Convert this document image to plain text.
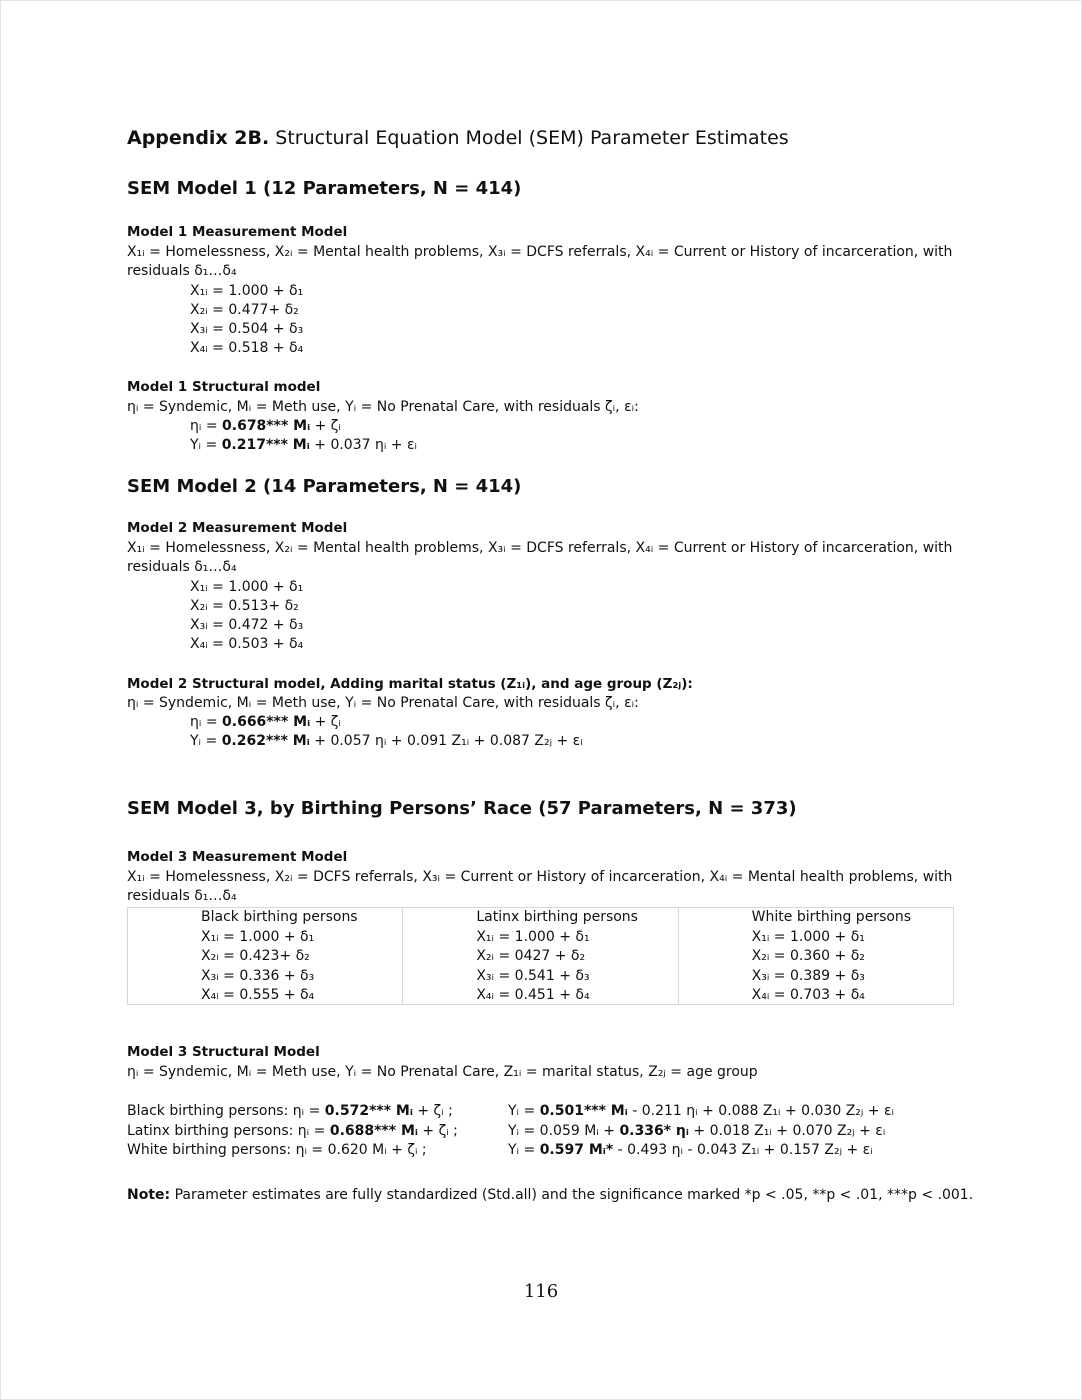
Appendix 2B. Structural Equation Model (SEM) Parameter Estimates
SEM Model 1 (12 Parameters, N = 414)
Model 1 Measurement Model
X₁ᵢ = Homelessness, X₂ᵢ = Mental health problems, X₃ᵢ = DCFS referrals, X₄ᵢ = Current or History of incarceration, with
residuals δ₁…δ₄
X₁ᵢ = 1.000 + δ₁
X₂ᵢ = 0.477+ δ₂
X₃ᵢ = 0.504 + δ₃
X₄ᵢ = 0.518 + δ₄
Model 1 Structural model
ηᵢ = Syndemic, Mᵢ = Meth use, Yᵢ = No Prenatal Care, with residuals ζᵢ, εᵢ:
ηᵢ = 0.678*** Mᵢ + ζᵢ
Yᵢ = 0.217*** Mᵢ + 0.037 ηᵢ + εᵢ
SEM Model 2 (14 Parameters, N = 414)
Model 2 Measurement Model
X₁ᵢ = Homelessness, X₂ᵢ = Mental health problems, X₃ᵢ = DCFS referrals, X₄ᵢ = Current or History of incarceration, with
residuals δ₁…δ₄
X₁ᵢ = 1.000 + δ₁
X₂ᵢ = 0.513+ δ₂
X₃ᵢ = 0.472 + δ₃
X₄ᵢ = 0.503 + δ₄
Model 2 Structural model, Adding marital status (Z₁ᵢ), and age group (Z₂ⱼ):
ηᵢ = Syndemic, Mᵢ = Meth use, Yᵢ = No Prenatal Care, with residuals ζᵢ, εᵢ:
ηᵢ = 0.666*** Mᵢ + ζᵢ
Yᵢ = 0.262*** Mᵢ + 0.057 ηᵢ + 0.091 Z₁ᵢ + 0.087 Z₂ⱼ + εᵢ
SEM Model 3, by Birthing Persons’ Race (57 Parameters, N = 373)
Model 3 Measurement Model
X₁ᵢ = Homelessness, X₂ᵢ = DCFS referrals, X₃ᵢ = Current or History of incarceration, X₄ᵢ = Mental health problems, with
residuals δ₁…δ₄
Black birthing persons
X₁ᵢ = 1.000 + δ₁
X₂ᵢ = 0.423+ δ₂
X₃ᵢ = 0.336 + δ₃
X₄ᵢ = 0.555 + δ₄
Latinx birthing persons
X₁ᵢ = 1.000 + δ₁
X₂ᵢ = 0427 + δ₂
X₃ᵢ = 0.541 + δ₃
X₄ᵢ = 0.451 + δ₄
White birthing persons
X₁ᵢ = 1.000 + δ₁
X₂ᵢ = 0.360 + δ₂
X₃ᵢ = 0.389 + δ₃
X₄ᵢ = 0.703 + δ₄
Model 3 Structural Model
ηᵢ = Syndemic, Mᵢ = Meth use, Yᵢ = No Prenatal Care, Z₁ᵢ = marital status, Z₂ⱼ = age group
Black birthing persons: ηᵢ = 0.572*** Mᵢ + ζᵢ ;
Latinx birthing persons: ηᵢ = 0.688*** Mᵢ + ζᵢ ;
White birthing persons: ηᵢ = 0.620 Mᵢ + ζᵢ ;
Yᵢ = 0.501*** Mᵢ - 0.211 ηᵢ + 0.088 Z₁ᵢ + 0.030 Z₂ⱼ + εᵢ
Yᵢ = 0.059 Mᵢ + 0.336* ηᵢ + 0.018 Z₁ᵢ + 0.070 Z₂ⱼ + εᵢ
Yᵢ = 0.597 Mᵢ* - 0.493 ηᵢ - 0.043 Z₁ᵢ + 0.157 Z₂ⱼ + εᵢ
Note: Parameter estimates are fully standardized (Std.all) and the significance marked *p < .05, **p < .01, ***p < .001.
116
